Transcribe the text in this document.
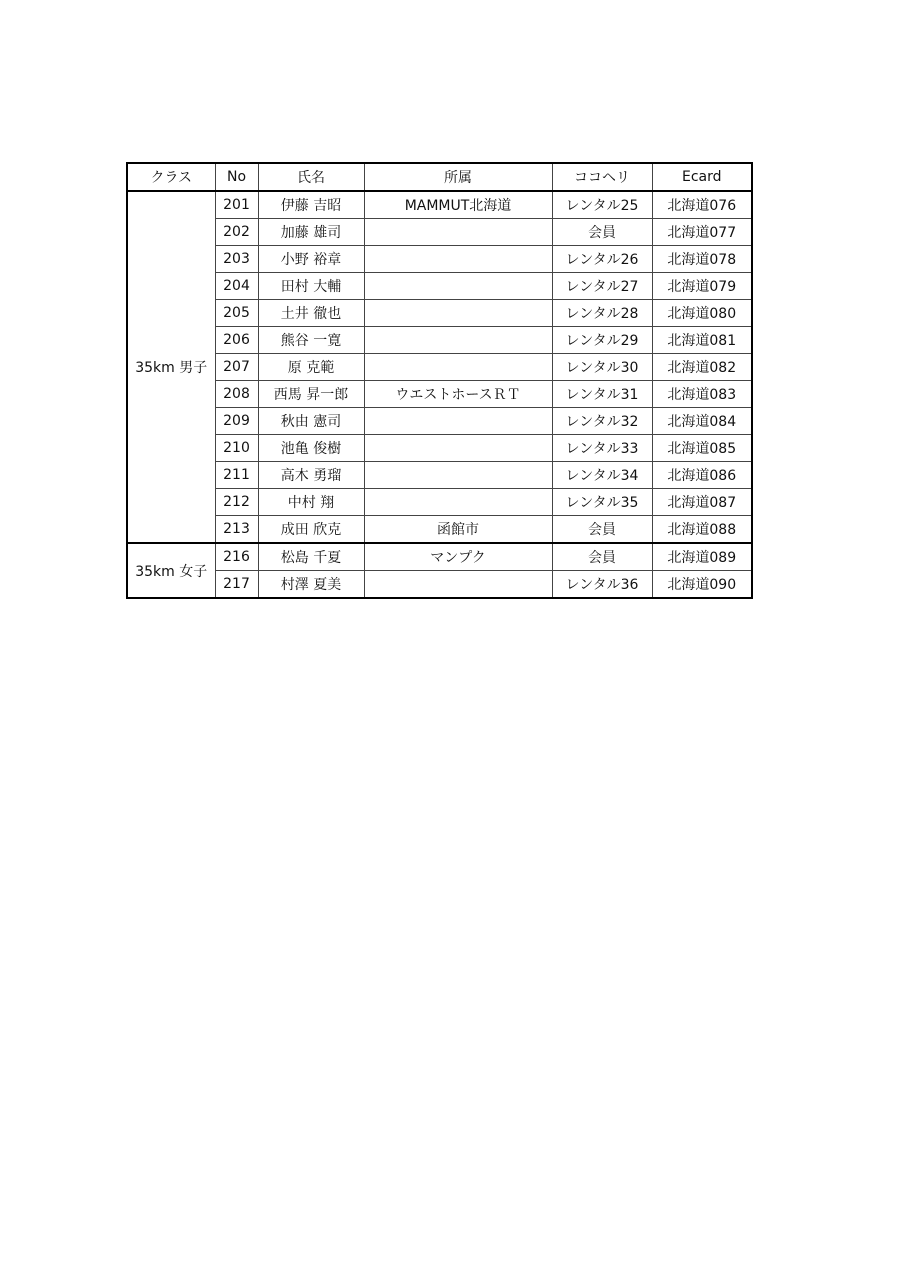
クラス	No	氏名	所属	ココヘリ	Ecard
35km 男子	201	伊藤 吉昭	MAMMUT北海道	レンタル25	北海道076
	202	加藤 雄司		会員	北海道077
	203	小野 裕章		レンタル26	北海道078
	204	田村 大輔		レンタル27	北海道079
	205	土井 徹也		レンタル28	北海道080
	206	熊谷 一寛		レンタル29	北海道081
	207	原 克範		レンタル30	北海道082
	208	西馬 昇一郎	ウエストホースＲＴ	レンタル31	北海道083
	209	秋由 憲司		レンタル32	北海道084
	210	池亀 俊樹		レンタル33	北海道085
	211	高木 勇瑠		レンタル34	北海道086
	212	中村 翔		レンタル35	北海道087
	213	成田 欣克	函館市	会員	北海道088
35km 女子	216	松島 千夏	マンプク	会員	北海道089
	217	村澤 夏美		レンタル36	北海道090
